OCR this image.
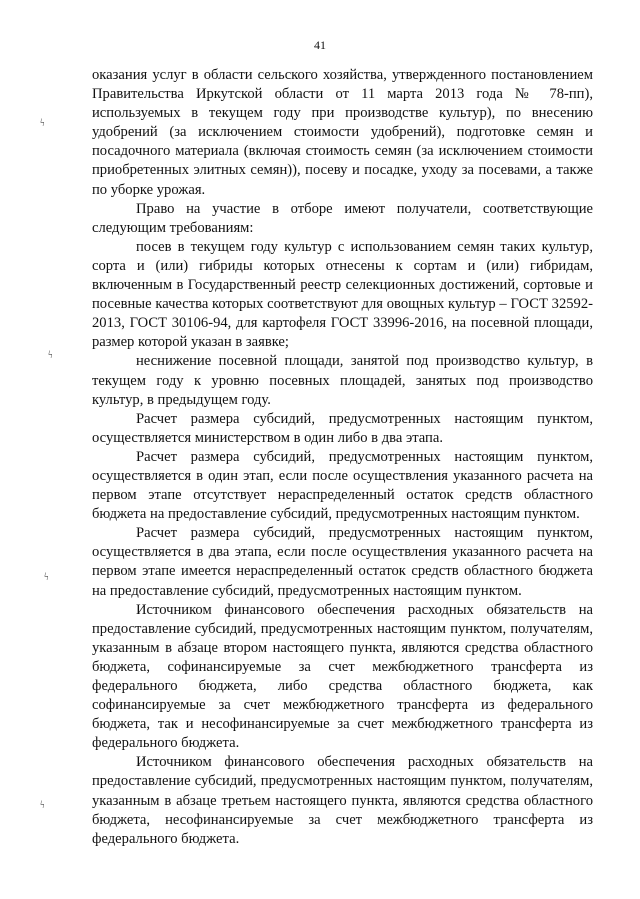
41

оказания услуг в области сельского хозяйства, утвержденного постановлением Правительства Иркутской области от 11 марта 2013 года № 78-пп), используемых в текущем году при производстве культур), по внесению удобрений (за исключением стоимости удобрений), подготовке семян и посадочного материала (включая стоимость семян (за исключением стоимости приобретенных элитных семян)), посеву и посадке, уходу за посевами, а также по уборке урожая.

Право на участие в отборе имеют получатели, соответствующие следующим требованиям:

посев в текущем году культур с использованием семян таких культур, сорта и (или) гибриды которых отнесены к сортам и (или) гибридам, включенным в Государственный реестр селекционных достижений, сортовые и посевные качества которых соответствуют для овощных культур – ГОСТ 32592-2013, ГОСТ 30106-94, для картофеля ГОСТ 33996-2016, на посевной площади, размер которой указан в заявке;

неснижение посевной площади, занятой под производство культур, в текущем году к уровню посевных площадей, занятых под производство культур, в предыдущем году.

Расчет размера субсидий, предусмотренных настоящим пунктом, осуществляется министерством в один либо в два этапа.

Расчет размера субсидий, предусмотренных настоящим пунктом, осуществляется в один этап, если после осуществления указанного расчета на первом этапе отсутствует нераспределенный остаток средств областного бюджета на предоставление субсидий, предусмотренных настоящим пунктом.

Расчет размера субсидий, предусмотренных настоящим пунктом, осуществляется в два этапа, если после осуществления указанного расчета на первом этапе имеется нераспределенный остаток средств областного бюджета на предоставление субсидий, предусмотренных настоящим пунктом.

Источником финансового обеспечения расходных обязательств на предоставление субсидий, предусмотренных настоящим пунктом, получателям, указанным в абзаце втором настоящего пункта, являются средства областного бюджета, софинансируемые за счет межбюджетного трансферта из федерального бюджета, либо средства областного бюджета, как софинансируемые за счет межбюджетного трансферта из федерального бюджета, так и несофинансируемые за счет межбюджетного трансферта из федерального бюджета.

Источником финансового обеспечения расходных обязательств на предоставление субсидий, предусмотренных настоящим пунктом, получателям, указанным в абзаце третьем настоящего пункта, являются средства областного бюджета, несофинансируемые за счет межбюджетного трансферта из федерального бюджета.

ϟ
ϟ
ϟ
ϟ
